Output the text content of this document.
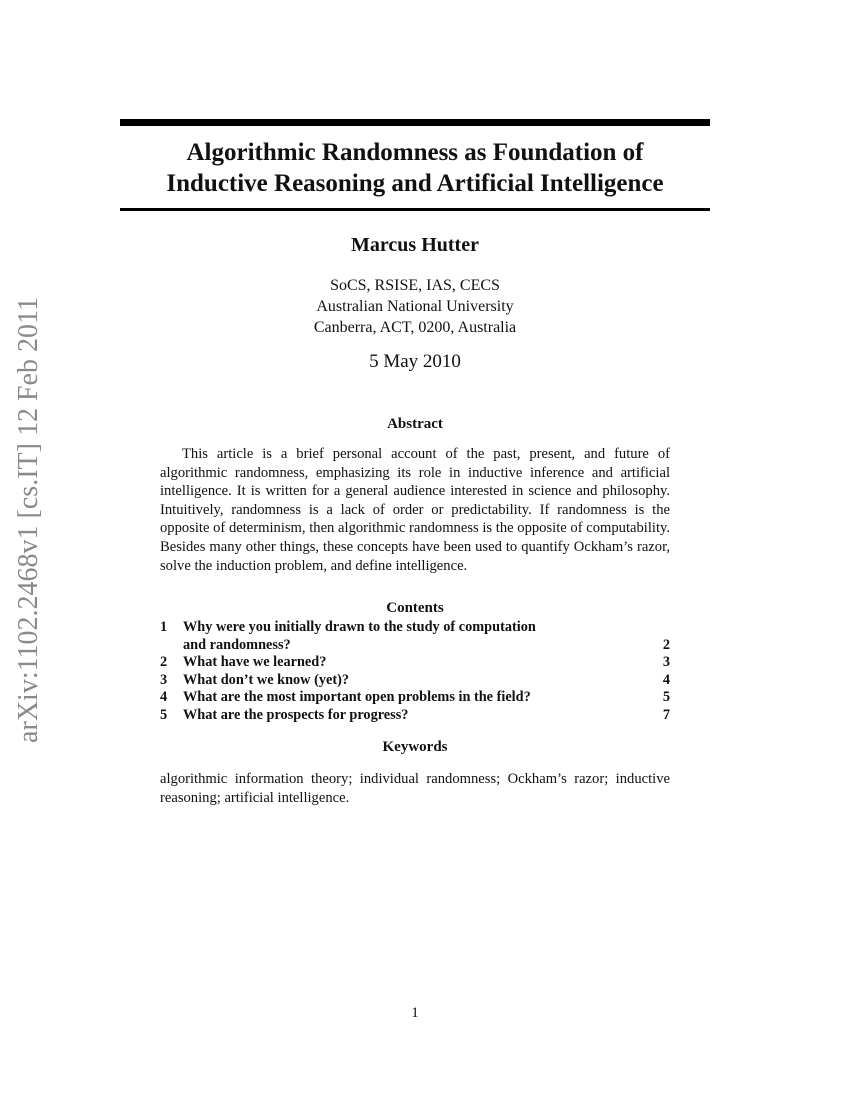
arXiv:1102.2468v1 [cs.IT] 12 Feb 2011
Algorithmic Randomness as Foundation of
Inductive Reasoning and Artificial Intelligence
Marcus Hutter
SoCS, RSISE, IAS, CECS
Australian National University
Canberra, ACT, 0200, Australia
5 May 2010
Abstract

This article is a brief personal account of the past, present, and future of algorithmic randomness, emphasizing its role in inductive inference and artificial intelligence. It is written for a general audience interested in science and philosophy. Intuitively, randomness is a lack of order or predictability. If randomness is the opposite of determinism, then algorithmic randomness is the opposite of computability. Besides many other things, these concepts have been used to quantify Ockham’s razor, solve the induction problem, and define intelligence.

Contents
1	Why were you initially drawn to the study of computation
and randomness?	2
2	What have we learned?	3
3	What don’t we know (yet)?	4
4	What are the most important open problems in the field?	5
5	What are the prospects for progress?	7
Keywords

algorithmic information theory; individual randomness; Ockham’s razor; inductive reasoning; artificial intelligence.

1
